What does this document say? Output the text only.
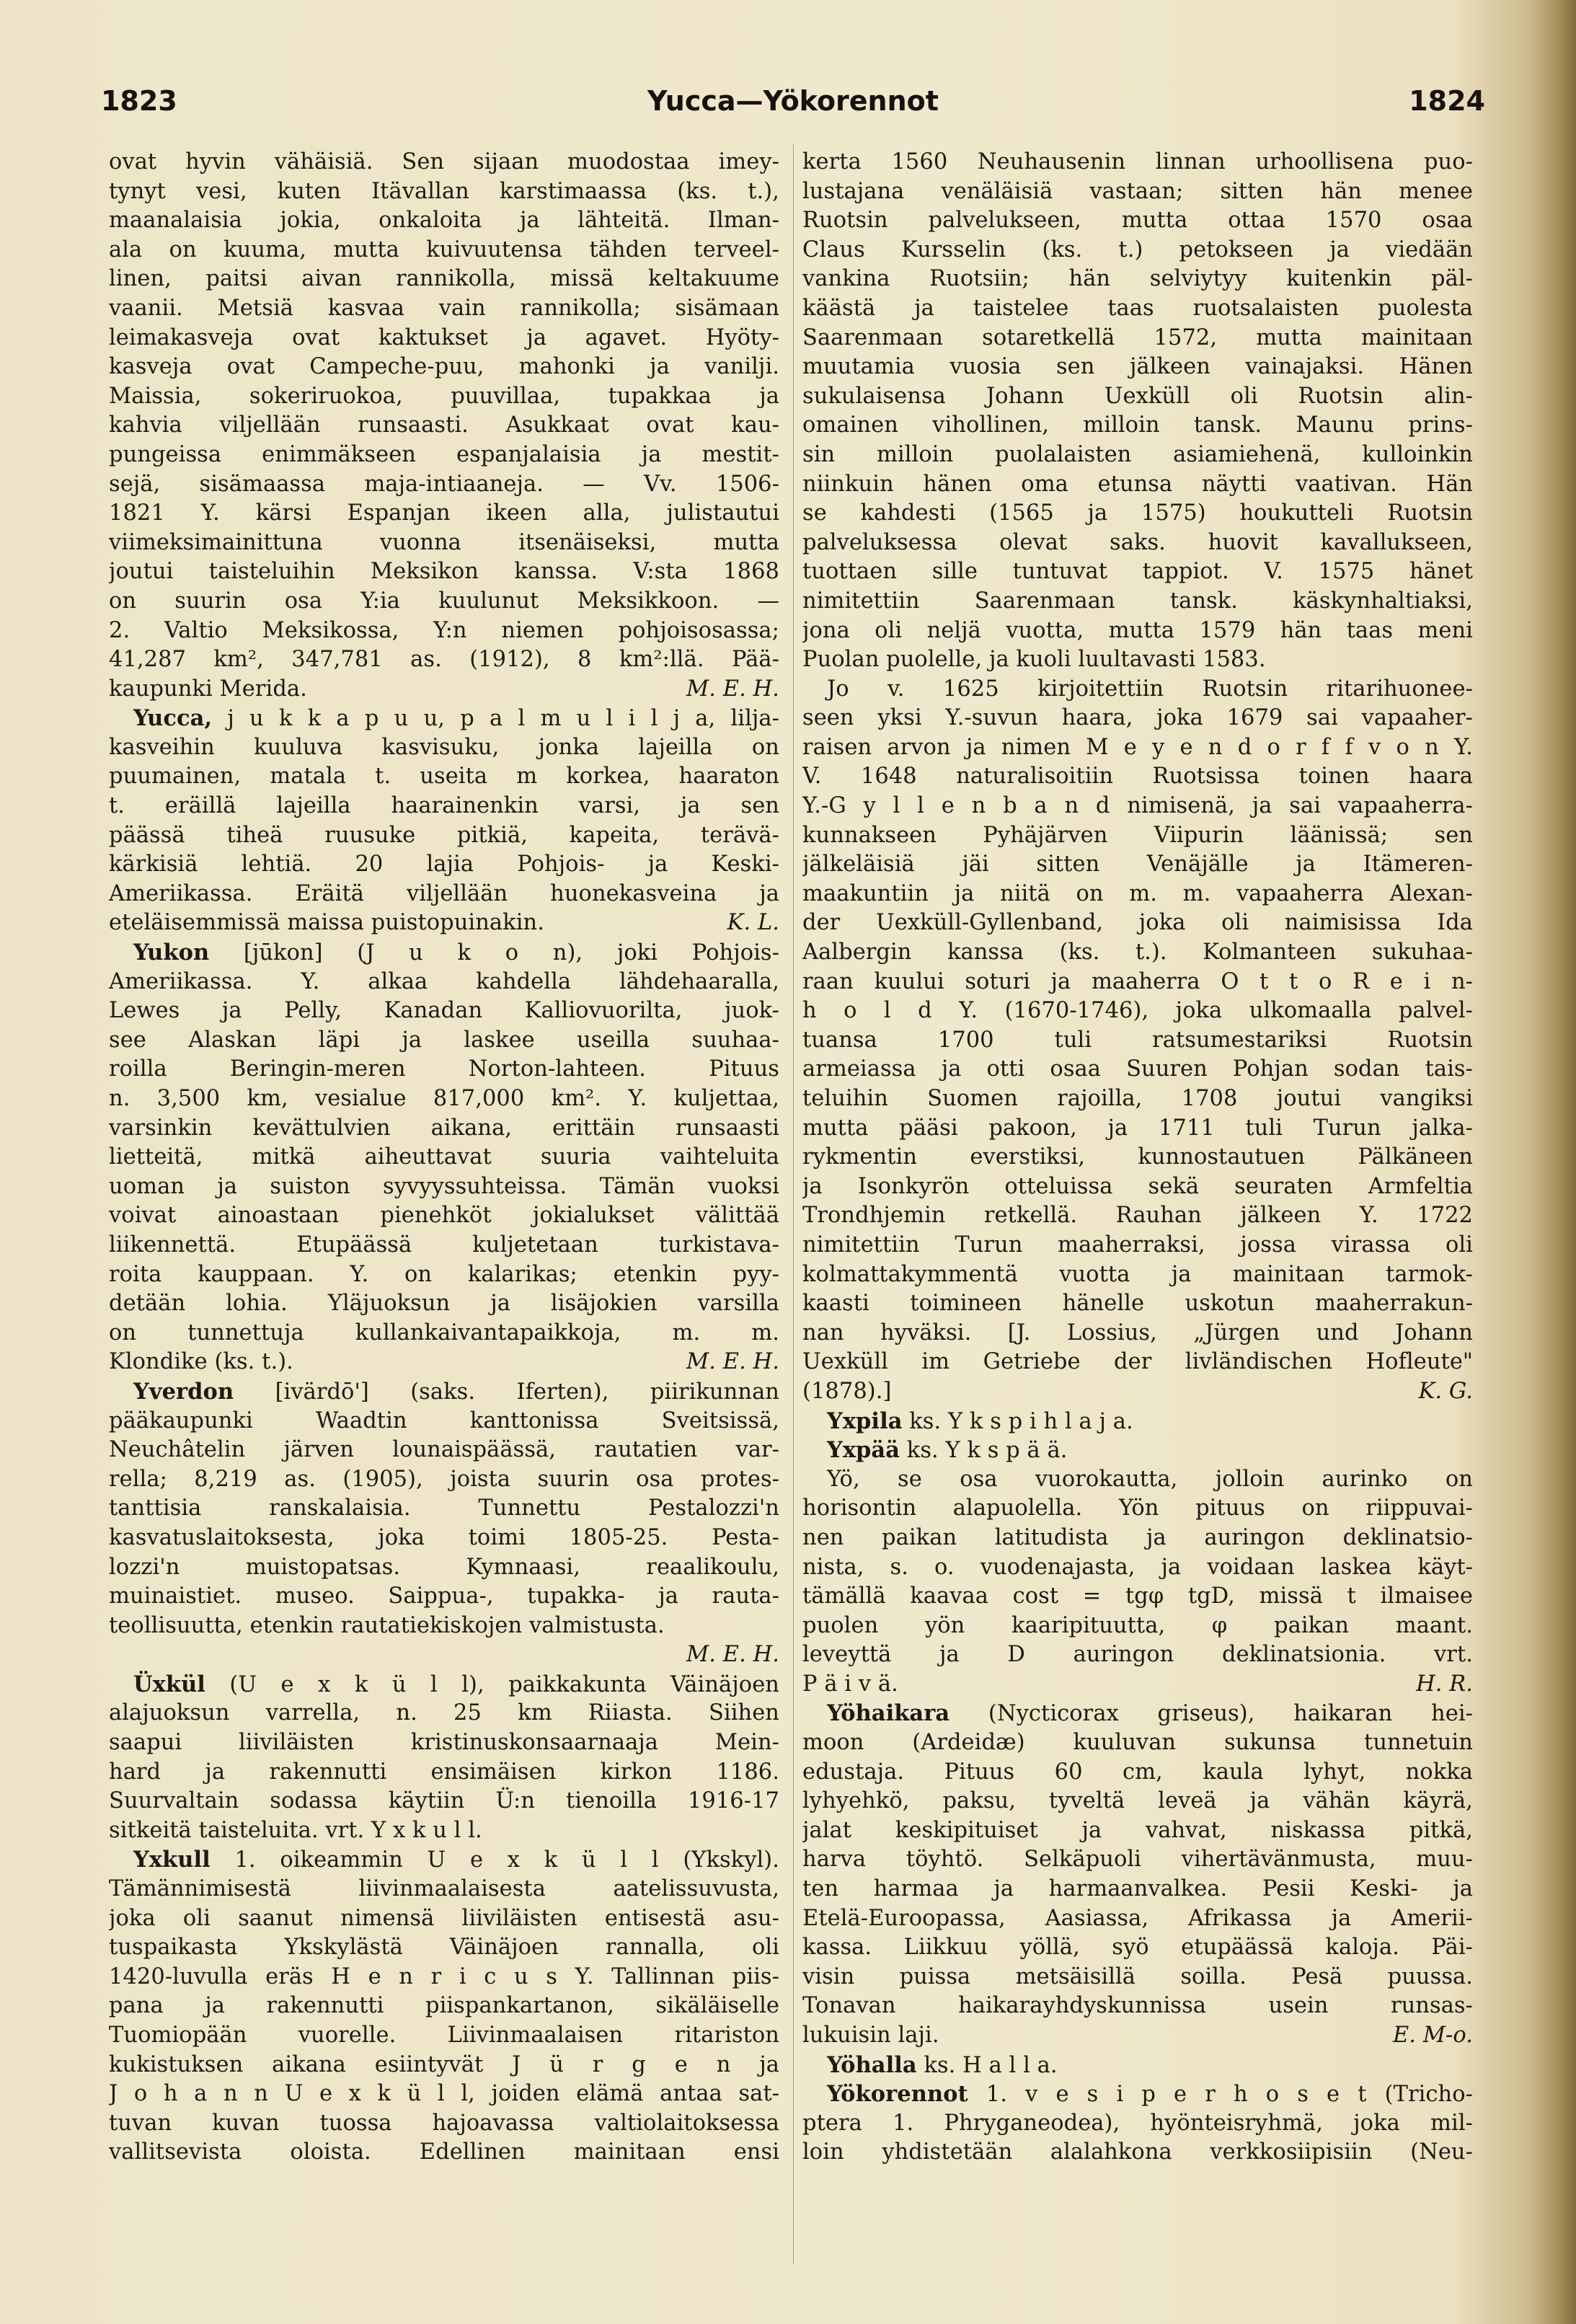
Yucca—Yökorennot
1823	1824
ovat hyvin vähäisiä. Sen sijaan muodostaa imey-
tynyt vesi, kuten Itävallan karstimaassa (ks. t.),
maanalaisia jokia, onkaloita ja lähteitä. Ilman-
ala on kuuma, mutta kuivuutensa tähden terveel-
linen, paitsi aivan rannikolla, missä keltakuume
vaanii. Metsiä kasvaa vain rannikolla; sisämaan
leimakasveja ovat kaktukset ja agavet. Hyöty-
kasveja ovat Campeche-puu, mahonki ja vanilji.
Maissia, sokeriruokoa, puuvillaa, tupakkaa ja
kahvia viljellään runsaasti. Asukkaat ovat kau-
pungeissa enimmäkseen espanjalaisia ja mestit-
sejä, sisämaassa maja-intiaaneja. — Vv. 1506-
1821 Y. kärsi Espanjan ikeen alla, julistautui
viimeksimainittuna vuonna itsenäiseksi, mutta
joutui taisteluihin Meksikon kanssa. V:sta 1868
on suurin osa Y:ia kuulunut Meksikkoon. —
2. Valtio Meksikossa, Y:n niemen pohjoisosassa;
41,287 km², 347,781 as. (1912), 8 km²:llä. Pää-
kaupunki Merida.	M. E. H.
Yucca, j u k k a p u u, p a l m u l i l j a, lilja-
kasveihin kuuluva kasvisuku, jonka lajeilla on
puumainen, matala t. useita m korkea, haaraton
t. eräillä lajeilla haarainenkin varsi, ja sen
päässä tiheä ruusuke pitkiä, kapeita, terävä-
kärkisiä lehtiä. 20 lajia Pohjois- ja Keski-
Ameriikassa. Eräitä viljellään huonekasveina ja
eteläisemmissä maissa puistopuinakin.	K. L.
Yukon [jūkon] (J u k o n), joki Pohjois-
Ameriikassa. Y. alkaa kahdella lähdehaaralla,
Lewes ja Pelly, Kanadan Kalliovuorilta, juok-
see Alaskan läpi ja laskee useilla suuhaa-
roilla Beringin-meren Norton-lahteen. Pituus
n. 3,500 km, vesialue 817,000 km². Y. kuljettaa,
varsinkin kevättulvien aikana, erittäin runsaasti
lietteitä, mitkä aiheuttavat suuria vaihteluita
uoman ja suiston syvyyssuhteissa. Tämän vuoksi
voivat ainoastaan pienehköt jokialukset välittää
liikennettä. Etupäässä kuljetetaan turkistava-
roita kauppaan. Y. on kalarikas; etenkin pyy-
detään lohia. Yläjuoksun ja lisäjokien varsilla
on tunnettuja kullankaivantapaikkoja, m. m.
Klondike (ks. t.).	M. E. H.
Yverdon [ivärdō'] (saks. Iferten), piirikunnan
pääkaupunki Waadtin kanttonissa Sveitsissä,
Neuchâtelin järven lounaispäässä, rautatien var-
rella; 8,219 as. (1905), joista suurin osa protes-
tanttisia ranskalaisia. Tunnettu Pestalozzi'n
kasvatuslaitoksesta, joka toimi 1805-25. Pesta-
lozzi'n muistopatsas. Kymnaasi, reaalikoulu,
muinaistiet. museo. Saippua-, tupakka- ja rauta-
teollisuutta, etenkin rautatiekiskojen valmistusta.
M. E. H.
Üxkül (U e x k ü l l), paikkakunta Väinäjoen
alajuoksun varrella, n. 25 km Riiasta. Siihen
saapui liiviläisten kristinuskonsaarnaaja Mein-
hard ja rakennutti ensimäisen kirkon 1186.
Suurvaltain sodassa käytiin Ü:n tienoilla 1916-17
sitkeitä taisteluita. vrt. Y x k u l l.
Yxkull 1. oikeammin U e x k ü l l (Ykskyl).
Tämännimisestä liivinmaalaisesta aatelissuvusta,
joka oli saanut nimensä liiviläisten entisestä asu-
tuspaikasta Ykskylästä Väinäjoen rannalla, oli
1420-luvulla eräs H e n r i c u s Y. Tallinnan piis-
pana ja rakennutti piispankartanon, sikäläiselle
Tuomiopään vuorelle. Liivinmaalaisen ritariston
kukistuksen aikana esiintyvät J ü r g e n ja
J o h a n n U e x k ü l l, joiden elämä antaa sat-
tuvan kuvan tuossa hajoavassa valtiolaitoksessa
vallitsevista oloista. Edellinen mainitaan ensi
kerta 1560 Neuhausenin linnan urhoollisena puo-
lustajana venäläisiä vastaan; sitten hän menee
Ruotsin palvelukseen, mutta ottaa 1570 osaa
Claus Kursselin (ks. t.) petokseen ja viedään
vankina Ruotsiin; hän selviytyy kuitenkin päl-
käästä ja taistelee taas ruotsalaisten puolesta
Saarenmaan sotaretkellä 1572, mutta mainitaan
muutamia vuosia sen jälkeen vainajaksi. Hänen
sukulaisensa Johann Uexküll oli Ruotsin alin-
omainen vihollinen, milloin tansk. Maunu prins-
sin milloin puolalaisten asiamiehenä, kulloinkin
niinkuin hänen oma etunsa näytti vaativan. Hän
se kahdesti (1565 ja 1575) houkutteli Ruotsin
palveluksessa olevat saks. huovit kavallukseen,
tuottaen sille tuntuvat tappiot. V. 1575 hänet
nimitettiin Saarenmaan tansk. käskynhaltiaksi,
jona oli neljä vuotta, mutta 1579 hän taas meni
Puolan puolelle, ja kuoli luultavasti 1583.
Jo v. 1625 kirjoitettiin Ruotsin ritarihuonee-
seen yksi Y.-suvun haara, joka 1679 sai vapaaher-
raisen arvon ja nimen M e y e n d o r f f v o n Y.
V. 1648 naturalisoitiin Ruotsissa toinen haara
Y.-G y l l e n b a n d nimisenä, ja sai vapaaherra-
kunnakseen Pyhäjärven Viipurin läänissä; sen
jälkeläisiä jäi sitten Venäjälle ja Itämeren-
maakuntiin ja niitä on m. m. vapaaherra Alexan-
der Uexküll-Gyllenband, joka oli naimisissa Ida
Aalbergin kanssa (ks. t.). Kolmanteen sukuhaa-
raan kuului soturi ja maaherra O t t o R e i n-
h o l d Y. (1670-1746), joka ulkomaalla palvel-
tuansa 1700 tuli ratsumestariksi Ruotsin
armeiassa ja otti osaa Suuren Pohjan sodan tais-
teluihin Suomen rajoilla, 1708 joutui vangiksi
mutta pääsi pakoon, ja 1711 tuli Turun jalka-
rykmentin everstiksi, kunnostautuen Pälkäneen
ja Isonkyrön otteluissa sekä seuraten Armfeltia
Trondhjemin retkellä. Rauhan jälkeen Y. 1722
nimitettiin Turun maaherraksi, jossa virassa oli
kolmattakymmentä vuotta ja mainitaan tarmok-
kaasti toimineen hänelle uskotun maaherrakun-
nan hyväksi. [J. Lossius, „Jürgen und Johann
Uexküll im Getriebe der livländischen Hofleute"
(1878).]	K. G.
Yxpila ks. Y k s p i h l a j a.
Yxpää ks. Y k s p ä ä.
Yö, se osa vuorokautta, jolloin aurinko on
horisontin alapuolella. Yön pituus on riippuvai-
nen paikan latitudista ja auringon deklinatsio-
nista, s. o. vuodenajasta, ja voidaan laskea käyt-
tämällä kaavaa cost = tgφ tgD, missä t ilmaisee
puolen yön kaaripituutta, φ paikan maant.
leveyttä ja D auringon deklinatsionia. vrt.
P ä i v ä.	H. R.
Yöhaikara (Nycticorax griseus), haikaran hei-
moon (Ardeidæ) kuuluvan sukunsa tunnetuin
edustaja. Pituus 60 cm, kaula lyhyt, nokka
lyhyehkö, paksu, tyveltä leveä ja vähän käyrä,
jalat keskipituiset ja vahvat, niskassa pitkä,
harva töyhtö. Selkäpuoli vihertävänmusta, muu-
ten harmaa ja harmaanvalkea. Pesii Keski- ja
Etelä-Euroopassa, Aasiassa, Afrikassa ja Amerii-
kassa. Liikkuu yöllä, syö etupäässä kaloja. Päi-
visin puissa metsäisillä soilla. Pesä puussa.
Tonavan haikarayhdyskunnissa usein runsas-
lukuisin laji.	E. M-o.
Yöhalla ks. H a l l a.
Yökorennot 1. v e s i p e r h o s e t (Tricho-
ptera 1. Phryganeodea), hyönteisryhmä, joka mil-
loin yhdistetään alalahkona verkkosiipisiin (Neu-
